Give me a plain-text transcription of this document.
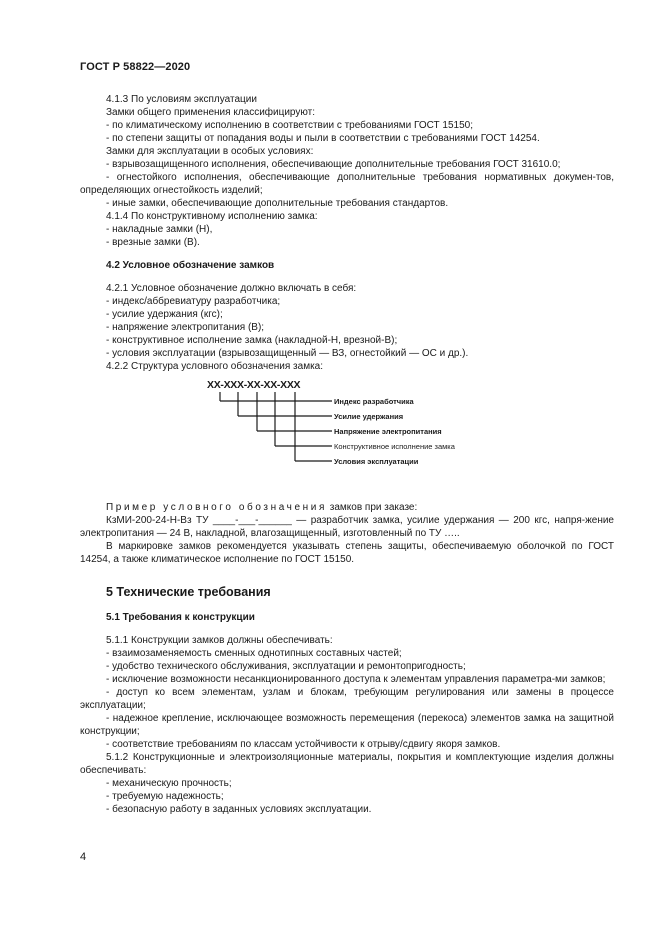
ГОСТ Р 58822—2020

4.1.3 По условиям эксплуатации

Замки общего применения классифицируют:

- по климатическому исполнению в соответствии с требованиями ГОСТ 15150;

- по степени защиты от попадания воды и пыли в соответствии с требованиями ГОСТ 14254.

Замки для эксплуатации в особых условиях:

- взрывозащищенного исполнения, обеспечивающие дополнительные требования ГОСТ 31610.0;

- огнестойкого исполнения, обеспечивающие дополнительные требования нормативных докумен-тов, определяющих огнестойкость изделий;

- иные замки, обеспечивающие дополнительные требования стандартов.

4.1.4 По конструктивному исполнению замка:

- накладные замки (Н),

- врезные замки (В).

4.2 Условное обозначение замков

4.2.1 Условное обозначение должно включать в себя:

- индекс/аббревиатуру разработчика;

- усилие удержания (кгс);

- напряжение электропитания (В);

- конструктивное исполнение замка (накладной-Н, врезной-В);

- условия эксплуатации (взрывозащищенный — ВЗ, огнестойкий — ОС и др.).

4.2.2 Структура условного обозначения замка:

XX-XXX-XX-XX-XXX
Индекс разработчика
Усилие удержания
Напряжение электропитания
Конструктивное исполнение замка
Условия эксплуатации

Пример условного обозначения замков при заказе:

КзМИ-200-24-Н-Вз ТУ ____-___-______ — разработчик замка, усилие удержания — 200 кгс, напря-жение электропитания — 24 В, накладной, влагозащищенный, изготовленный по ТУ …..

В маркировке замков рекомендуется указывать степень защиты, обеспечиваемую оболочкой по ГОСТ 14254, а также климатическое исполнение по ГОСТ 15150.

5 Технические требования

5.1 Требования к конструкции

5.1.1 Конструкции замков должны обеспечивать:

- взаимозаменяемость сменных однотипных составных частей;

- удобство технического обслуживания, эксплуатации и ремонтопригодность;

- исключение возможности несанкционированного доступа к элементам управления параметра-ми замков;

- доступ ко всем элементам, узлам и блокам, требующим регулирования или замены в процессе эксплуатации;

- надежное крепление, исключающее возможность перемещения (перекоса) элементов замка на защитной конструкции;

- соответствие требованиям по классам устойчивости к отрыву/сдвигу якоря замков.

5.1.2 Конструкционные и электроизоляционные материалы, покрытия и комплектующие изделия должны обеспечивать:

- механическую прочность;

- требуемую надежность;

- безопасную работу в заданных условиях эксплуатации.

4
